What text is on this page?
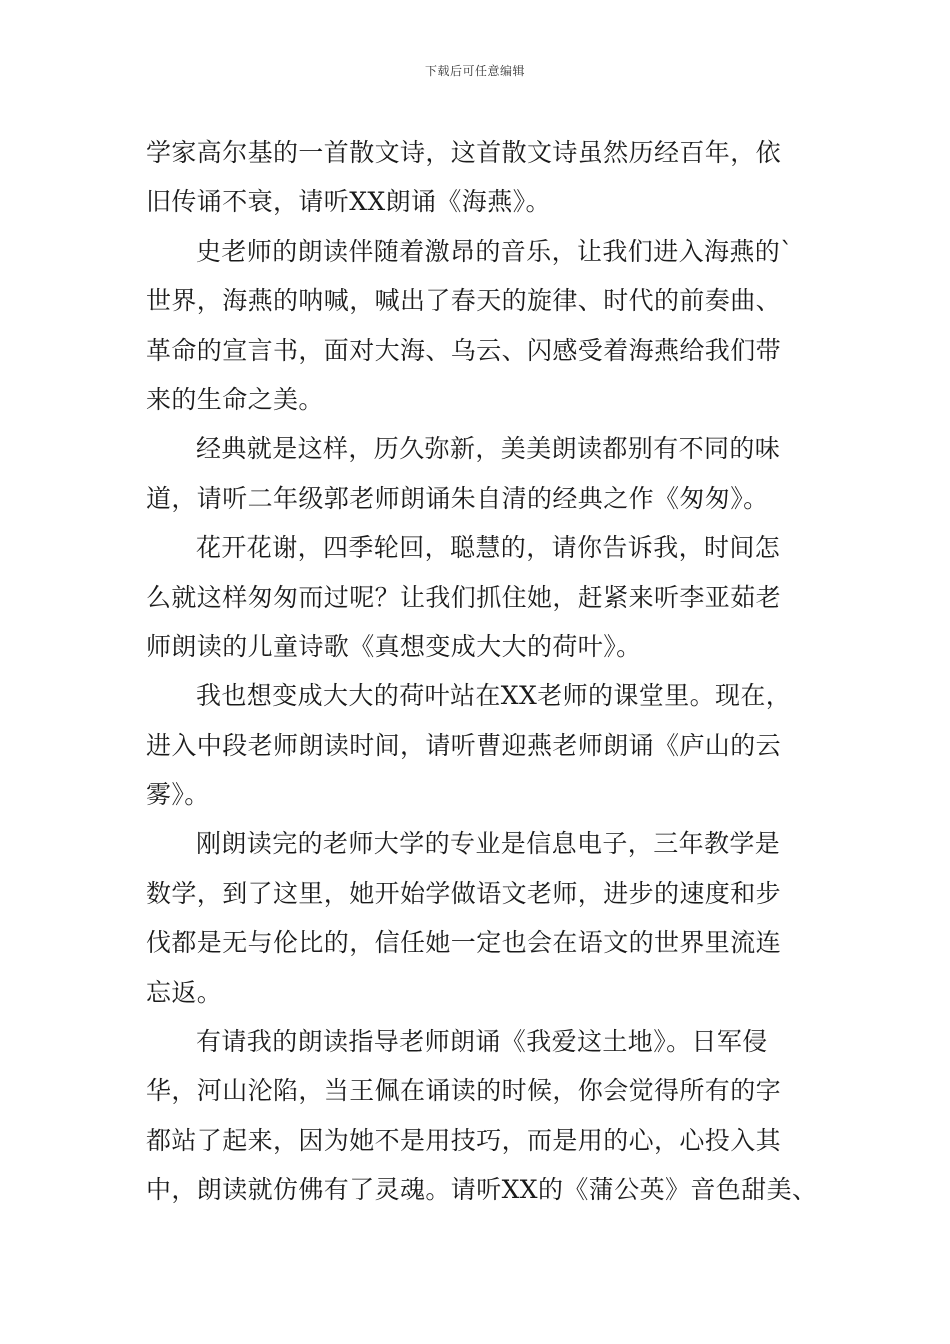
下载后可任意编辑
学家高尔基的一首散文诗，这首散文诗虽然历经百年，依
旧传诵不衰，请听XX朗诵《海燕》。
史老师的朗读伴随着激昂的音乐，让我们进入海燕的`
世界，海燕的呐喊，喊出了春天的旋律、时代的前奏曲、
革命的宣言书，面对大海、乌云、闪感受着海燕给我们带
来的生命之美。
经典就是这样，历久弥新，美美朗读都别有不同的味
道，请听二年级郭老师朗诵朱自清的经典之作《匆匆》。
花开花谢，四季轮回，聪慧的，请你告诉我，时间怎
么就这样匆匆而过呢？让我们抓住她，赶紧来听李亚茹老
师朗读的儿童诗歌《真想变成大大的荷叶》。
我也想变成大大的荷叶站在XX老师的课堂里。现在，
进入中段老师朗读时间，请听曹迎燕老师朗诵《庐山的云
雾》。
刚朗读完的老师大学的专业是信息电子，三年教学是
数学，到了这里，她开始学做语文老师，进步的速度和步
伐都是无与伦比的，信任她一定也会在语文的世界里流连
忘返。
有请我的朗读指导老师朗诵《我爱这土地》。日军侵
华，河山沦陷，当王佩在诵读的时候，你会觉得所有的字
都站了起来，因为她不是用技巧，而是用的心，心投入其
中，朗读就仿佛有了灵魂。请听XX的《蒲公英》音色甜美、
